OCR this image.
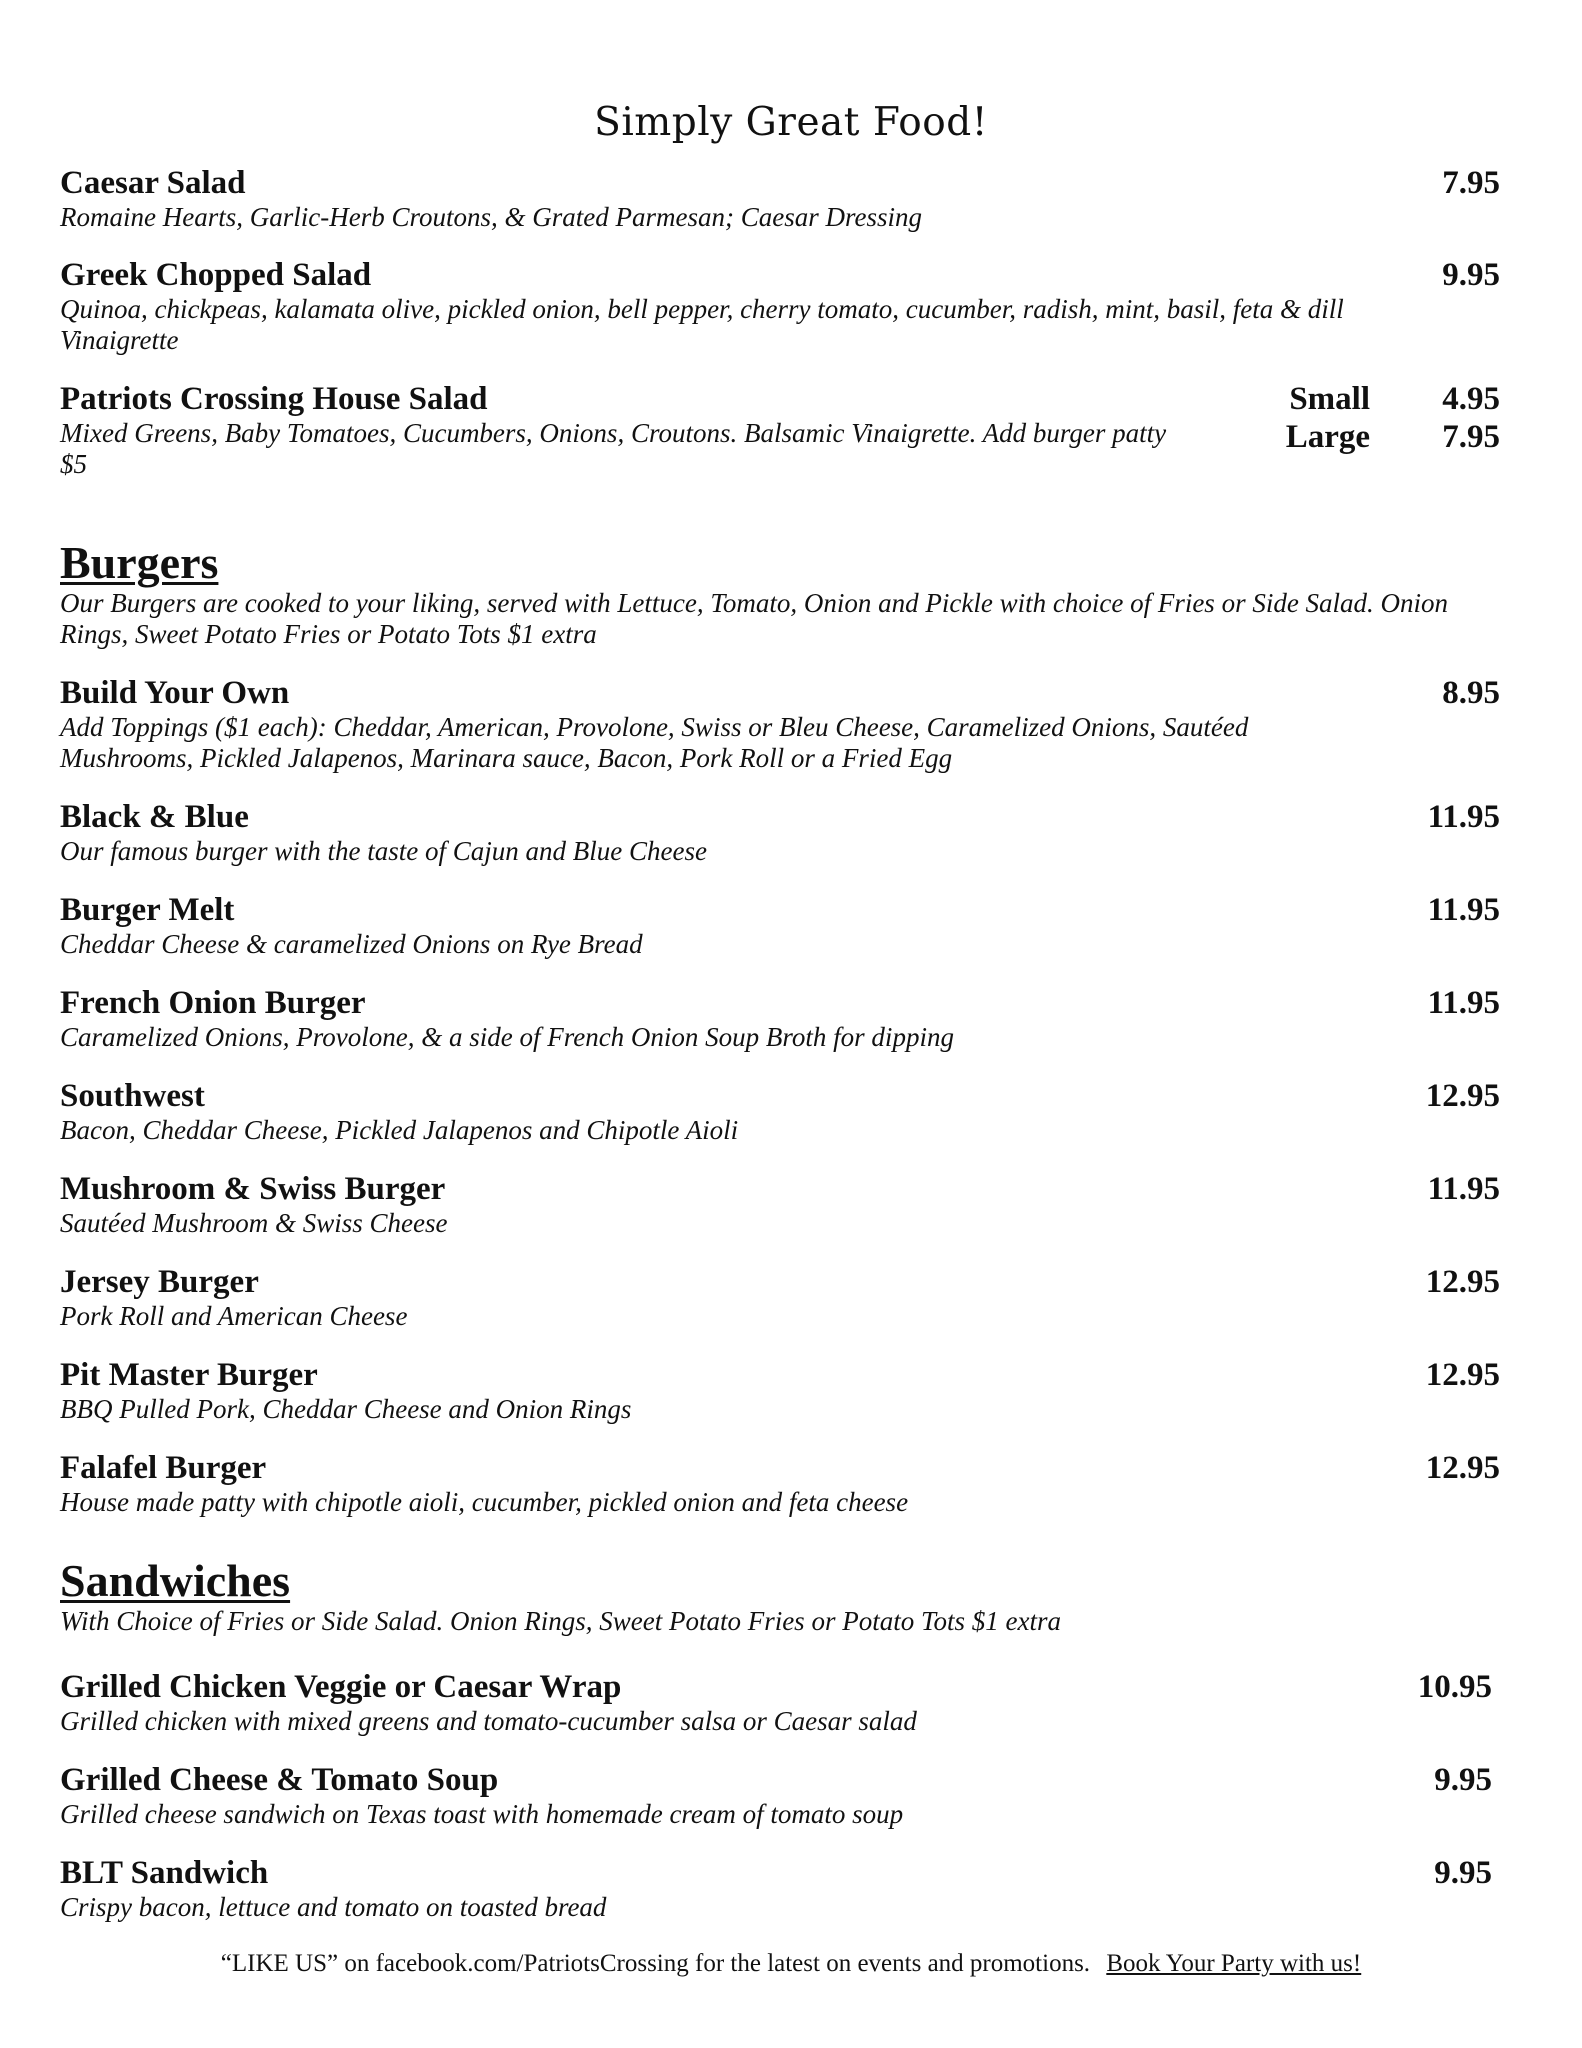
Simply Great Food!
Caesar Salad
Romaine Hearts, Garlic-Herb Croutons, & Grated Parmesan; Caesar Dressing
7.95
Greek Chopped Salad
Quinoa, chickpeas, kalamata olive, pickled onion, bell pepper, cherry tomato, cucumber, radish, mint, basil, feta & dill Vinaigrette
9.95
Patriots Crossing House Salad
Mixed Greens, Baby Tomatoes, Cucumbers, Onions, Croutons. Balsamic Vinaigrette. Add burger patty $5
Small
Large
4.95
7.95
Burgers
Our Burgers are cooked to your liking, served with Lettuce, Tomato, Onion and Pickle with choice of Fries or Side Salad. Onion Rings, Sweet Potato Fries or Potato Tots $1 extra
Build Your Own
Add Toppings ($1 each): Cheddar, American, Provolone, Swiss or Bleu Cheese, Caramelized Onions, Sautéed Mushrooms, Pickled Jalapenos, Marinara sauce, Bacon, Pork Roll or a Fried Egg
8.95
Black & Blue
Our famous burger with the taste of Cajun and Blue Cheese
11.95
Burger Melt
Cheddar Cheese & caramelized Onions on Rye Bread
11.95
French Onion Burger
Caramelized Onions, Provolone, & a side of French Onion Soup Broth for dipping
11.95
Southwest
Bacon, Cheddar Cheese, Pickled Jalapenos and Chipotle Aioli
12.95
Mushroom & Swiss Burger
Sautéed Mushroom & Swiss Cheese
11.95
Jersey Burger
Pork Roll and American Cheese
12.95
Pit Master Burger
BBQ Pulled Pork, Cheddar Cheese and Onion Rings
12.95
Falafel Burger
House made patty with chipotle aioli, cucumber, pickled onion and feta cheese
12.95
Sandwiches
With Choice of Fries or Side Salad. Onion Rings, Sweet Potato Fries or Potato Tots $1 extra
Grilled Chicken Veggie or Caesar Wrap
Grilled chicken with mixed greens and tomato-cucumber salsa or Caesar salad
10.95
Grilled Cheese & Tomato Soup
Grilled cheese sandwich on Texas toast with homemade cream of tomato soup
9.95
BLT Sandwich
Crispy bacon, lettuce and tomato on toasted bread
9.95
“LIKE US” on facebook.com/PatriotsCrossing for the latest on events and promotions. Book Your Party with us!
